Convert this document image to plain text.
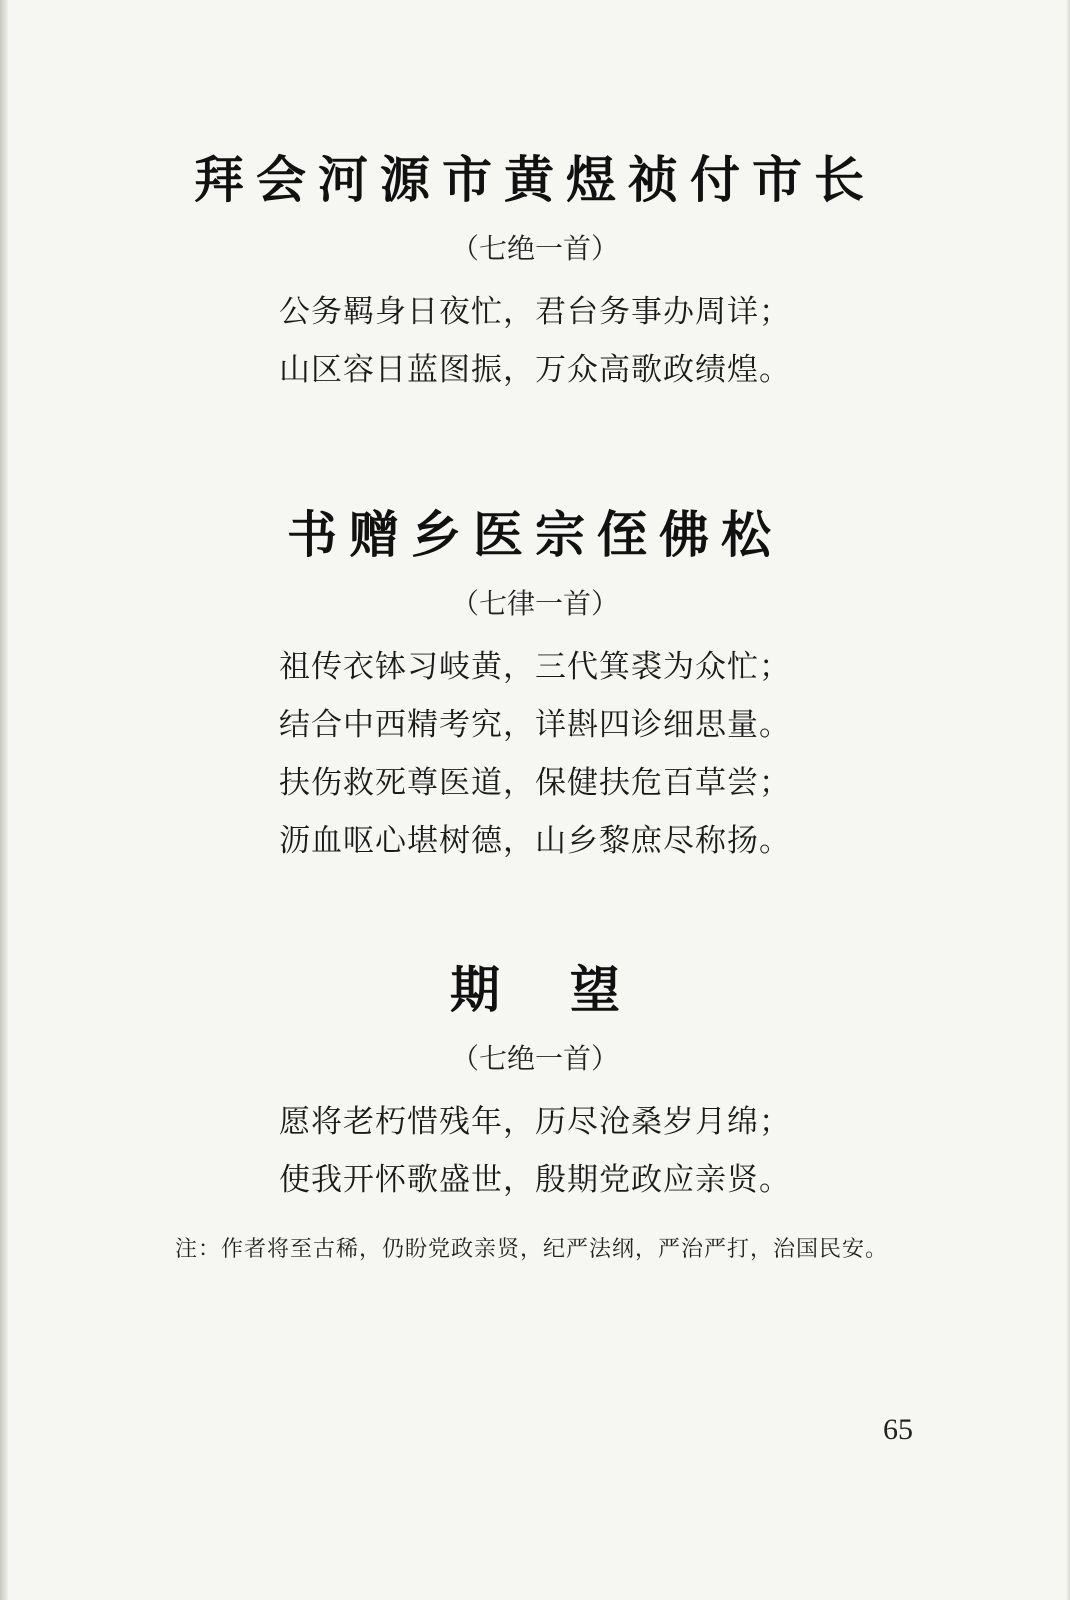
拜会河源市黄煜祯付市长
（七绝一首）
公务羁身日夜忙，君台务事办周详；
山区容日蓝图振，万众高歌政绩煌。
书赠乡医宗侄佛松
（七律一首）
祖传衣钵习岐黄，三代箕裘为众忙；
结合中西精考究，详斟四诊细思量。
扶伤救死尊医道，保健扶危百草尝；
沥血呕心堪树德，山乡黎庶尽称扬。
期望
（七绝一首）
愿将老朽惜残年，历尽沧桑岁月绵；
使我开怀歌盛世，殷期党政应亲贤。
注：作者将至古稀，仍盼党政亲贤，纪严法纲，严治严打，治国民安。
65
